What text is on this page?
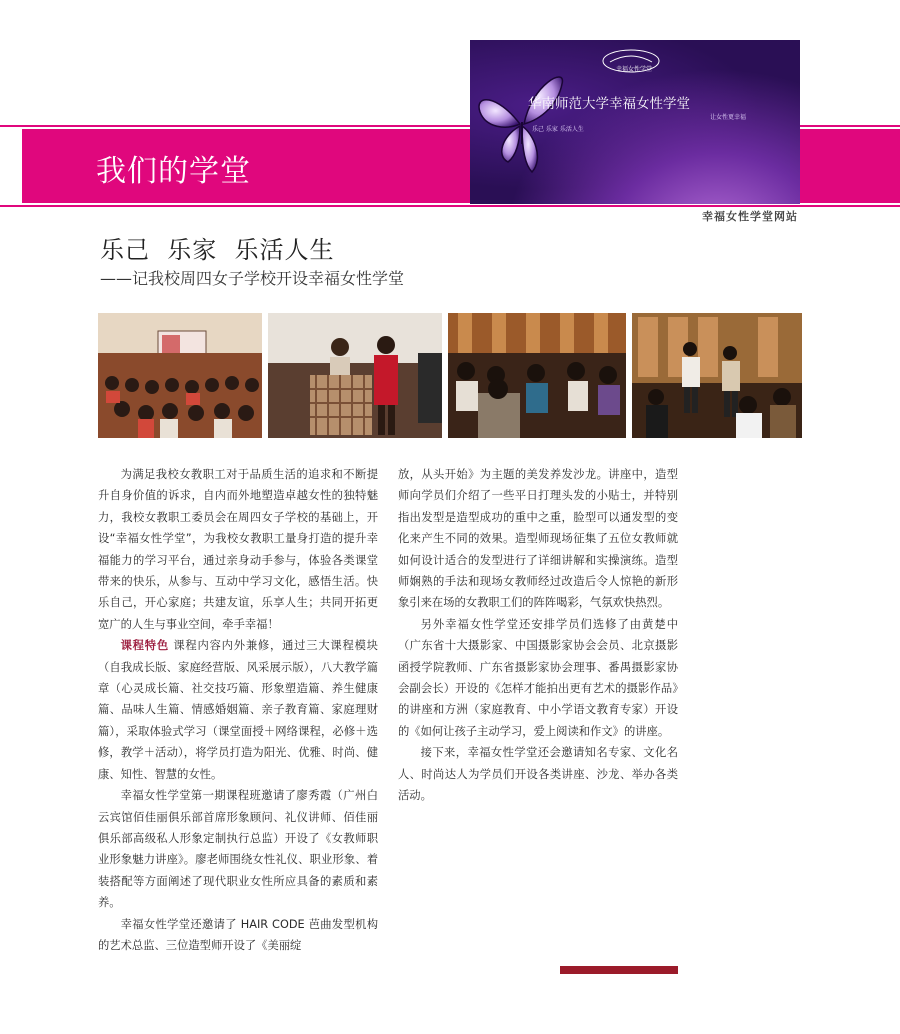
我们的学堂
幸福女性学堂
华南师范大学幸福女性学堂
乐己 乐家 乐活人生
让女性更幸福
幸福女性学堂网站
乐己  乐家  乐活人生
——记我校周四女子学校开设幸福女性学堂

为满足我校女教职工对于品质生活的追求和不断提升自身价值的诉求，自内而外地塑造卓越女性的独特魅力，我校女教职工委员会在周四女子学校的基础上，开设“幸福女性学堂”，为我校女教职工量身打造的提升幸福能力的学习平台，通过亲身动手参与，体验各类课堂带来的快乐，从参与、互动中学习文化，感悟生活。快乐自己，开心家庭；共建友谊，乐享人生；共同开拓更宽广的人生与事业空间，牵手幸福！

课程特色 课程内容内外兼修，通过三大课程模块（自我成长版、家庭经营版、风采展示版），八大教学篇章（心灵成长篇、社交技巧篇、形象塑造篇、养生健康篇、品味人生篇、情感婚姻篇、亲子教育篇、家庭理财篇），采取体验式学习（课堂面授＋网络课程，必修＋选修，教学＋活动），将学员打造为阳光、优雅、时尚、健康、知性、智慧的女性。

幸福女性学堂第一期课程班邀请了廖秀霞（广州白云宾馆佰佳丽俱乐部首席形象顾问、礼仪讲师、佰佳丽俱乐部高级私人形象定制执行总监）开设了《女教师职业形象魅力讲座》。廖老师围绕女性礼仪、职业形象、着装搭配等方面阐述了现代职业女性所应具备的素质和素养。

幸福女性学堂还邀请了 HAIR CODE 芭曲发型机构的艺术总监、三位造型师开设了《美丽绽

放，从头开始》为主题的美发养发沙龙。讲座中，造型师向学员们介绍了一些平日打理头发的小贴士，并特别指出发型是造型成功的重中之重，脸型可以通发型的变化来产生不同的效果。造型师现场征集了五位女教师就如何设计适合的发型进行了详细讲解和实操演练。造型师娴熟的手法和现场女教师经过改造后令人惊艳的新形象引来在场的女教职工们的阵阵喝彩，气氛欢快热烈。

另外幸福女性学堂还安排学员们选修了由黄楚中（广东省十大摄影家、中国摄影家协会会员、北京摄影函授学院教师、广东省摄影家协会理事、番禺摄影家协会副会长）开设的《怎样才能拍出更有艺术的摄影作品》的讲座和方洲（家庭教育、中小学语文教育专家）开设的《如何让孩子主动学习，爱上阅读和作文》的讲座。

接下来，幸福女性学堂还会邀请知名专家、文化名人、时尚达人为学员们开设各类讲座、沙龙、举办各类活动。
